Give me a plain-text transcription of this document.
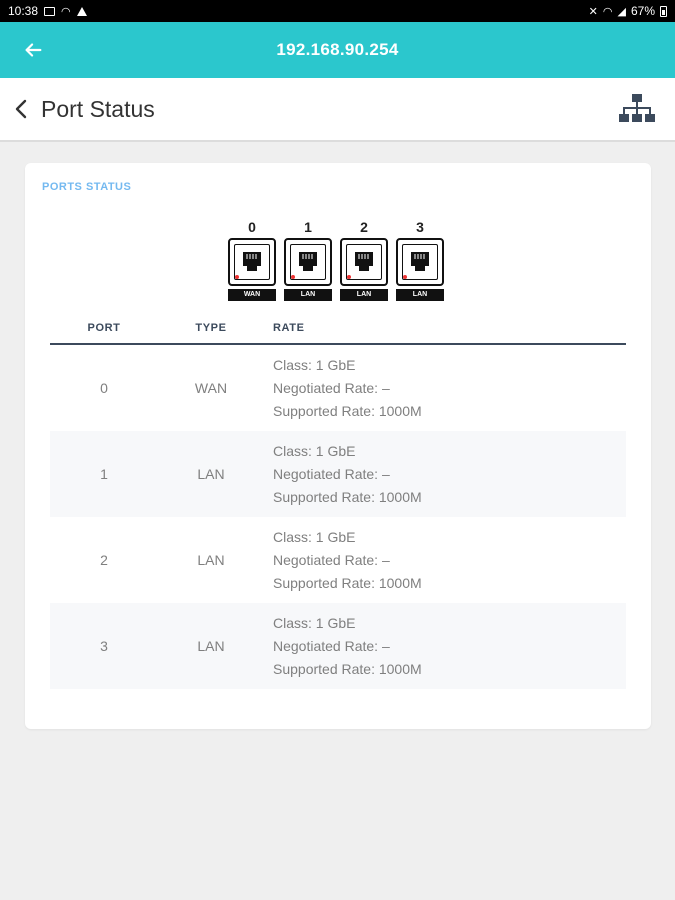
10:38 ◠	✕ ◠ ◢ 67%
192.168.90.254
Port Status
PORTS STATUS
0
WAN
1
LAN
2
LAN
3
LAN
PORT	TYPE	RATE
0	WAN
Class: 1 GbE
Negotiated Rate: –
Supported Rate: 1000M
1	LAN
Class: 1 GbE
Negotiated Rate: –
Supported Rate: 1000M
2	LAN
Class: 1 GbE
Negotiated Rate: –
Supported Rate: 1000M
3	LAN
Class: 1 GbE
Negotiated Rate: –
Supported Rate: 1000M
